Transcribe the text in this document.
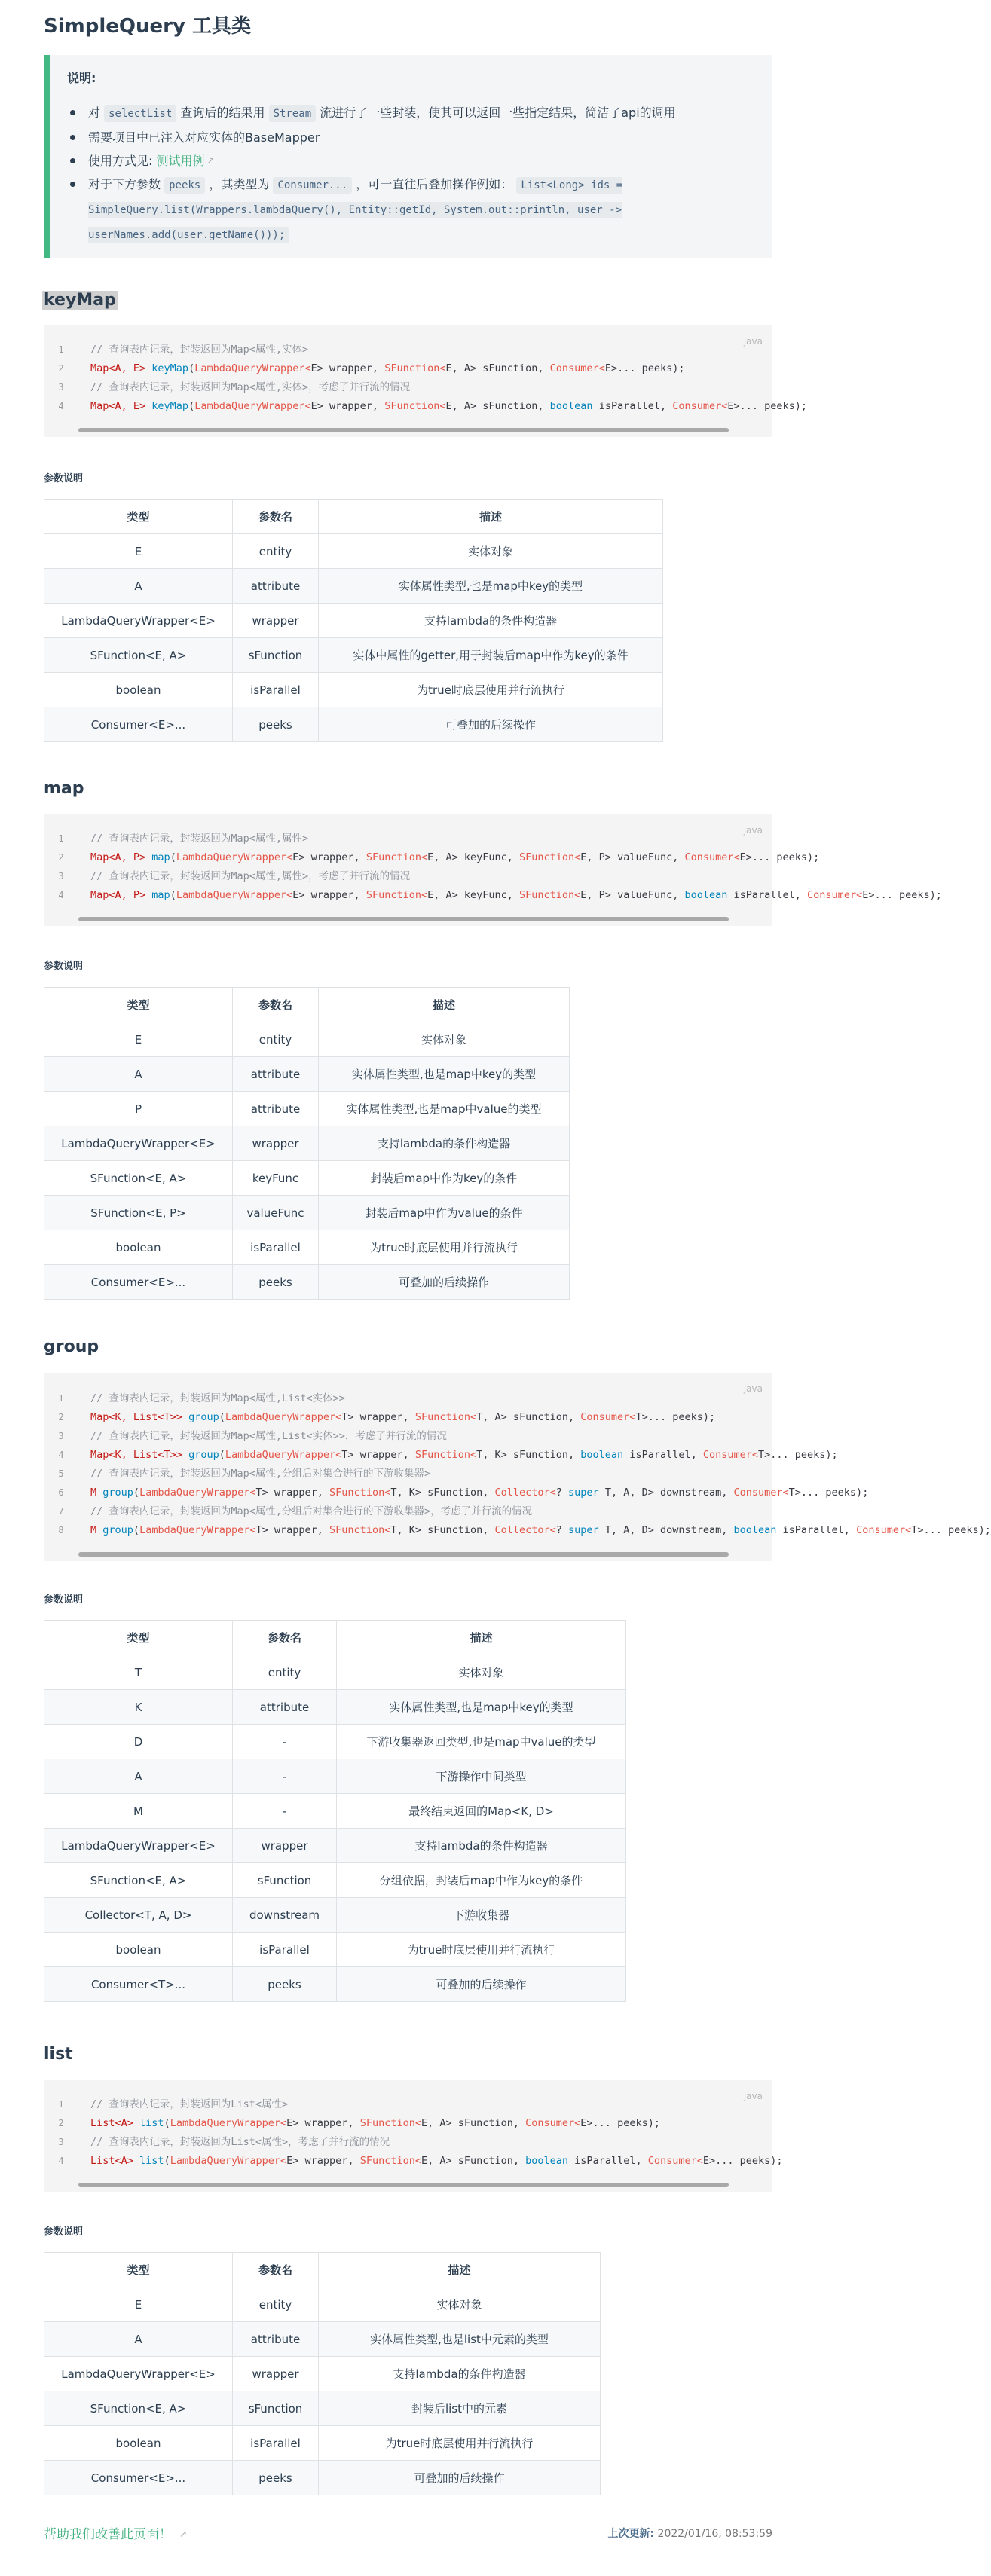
SimpleQuery 工具类
说明:
对 selectList 查询后的结果用 Stream 流进行了一些封装，使其可以返回一些指定结果，简洁了api的调用
需要项目中已注入对应实体的BaseMapper
使用方式见: 测试用例 ↗
对于下方参数 peeks ，其类型为 Consumer... ，可一直往后叠加操作例如： List<Long> ids = SimpleQuery.list(Wrappers.lambdaQuery(), Entity::getId, System.out::println, user -> userNames.add(user.getName()));
keyMap
java
1	// 查询表内记录，封装返回为Map<属性,实体>
2	Map<A, E> keyMap(LambdaQueryWrapper<E> wrapper, SFunction<E, A> sFunction, Consumer<E>... peeks);
3	// 查询表内记录，封装返回为Map<属性,实体>，考虑了并行流的情况
4	Map<A, E> keyMap(LambdaQueryWrapper<E> wrapper, SFunction<E, A> sFunction, boolean isParallel, Consumer<E>... peeks);
参数说明
类型	参数名	描述
E	entity	实体对象
A	attribute	实体属性类型,也是map中key的类型
LambdaQueryWrapper<E>	wrapper	支持lambda的条件构造器
SFunction<E, A>	sFunction	实体中属性的getter,用于封装后map中作为key的条件
boolean	isParallel	为true时底层使用并行流执行
Consumer<E>...	peeks	可叠加的后续操作
map
java
1	// 查询表内记录，封装返回为Map<属性,属性>
2	Map<A, P> map(LambdaQueryWrapper<E> wrapper, SFunction<E, A> keyFunc, SFunction<E, P> valueFunc, Consumer<E>... peeks);
3	// 查询表内记录，封装返回为Map<属性,属性>，考虑了并行流的情况
4	Map<A, P> map(LambdaQueryWrapper<E> wrapper, SFunction<E, A> keyFunc, SFunction<E, P> valueFunc, boolean isParallel, Consumer<E>... peeks);
参数说明
类型	参数名	描述
E	entity	实体对象
A	attribute	实体属性类型,也是map中key的类型
P	attribute	实体属性类型,也是map中value的类型
LambdaQueryWrapper<E>	wrapper	支持lambda的条件构造器
SFunction<E, A>	keyFunc	封装后map中作为key的条件
SFunction<E, P>	valueFunc	封装后map中作为value的条件
boolean	isParallel	为true时底层使用并行流执行
Consumer<E>...	peeks	可叠加的后续操作
group
java
1	// 查询表内记录，封装返回为Map<属性,List<实体>>
2	Map<K, List<T>> group(LambdaQueryWrapper<T> wrapper, SFunction<T, A> sFunction, Consumer<T>... peeks);
3	// 查询表内记录，封装返回为Map<属性,List<实体>>，考虑了并行流的情况
4	Map<K, List<T>> group(LambdaQueryWrapper<T> wrapper, SFunction<T, K> sFunction, boolean isParallel, Consumer<T>... peeks);
5	// 查询表内记录，封装返回为Map<属性,分组后对集合进行的下游收集器>
6	M group(LambdaQueryWrapper<T> wrapper, SFunction<T, K> sFunction, Collector<? super T, A, D> downstream, Consumer<T>... peeks);
7	// 查询表内记录，封装返回为Map<属性,分组后对集合进行的下游收集器>，考虑了并行流的情况
8	M group(LambdaQueryWrapper<T> wrapper, SFunction<T, K> sFunction, Collector<? super T, A, D> downstream, boolean isParallel, Consumer<T>... peeks);
参数说明
类型	参数名	描述
T	entity	实体对象
K	attribute	实体属性类型,也是map中key的类型
D	-	下游收集器返回类型,也是map中value的类型
A	-	下游操作中间类型
M	-	最终结束返回的Map<K, D>
LambdaQueryWrapper<E>	wrapper	支持lambda的条件构造器
SFunction<E, A>	sFunction	分组依据，封装后map中作为key的条件
Collector<T, A, D>	downstream	下游收集器
boolean	isParallel	为true时底层使用并行流执行
Consumer<T>...	peeks	可叠加的后续操作
list
java
1	// 查询表内记录，封装返回为List<属性>
2	List<A> list(LambdaQueryWrapper<E> wrapper, SFunction<E, A> sFunction, Consumer<E>... peeks);
3	// 查询表内记录，封装返回为List<属性>，考虑了并行流的情况
4	List<A> list(LambdaQueryWrapper<E> wrapper, SFunction<E, A> sFunction, boolean isParallel, Consumer<E>... peeks);
参数说明
类型	参数名	描述
E	entity	实体对象
A	attribute	实体属性类型,也是list中元素的类型
LambdaQueryWrapper<E>	wrapper	支持lambda的条件构造器
SFunction<E, A>	sFunction	封装后list中的元素
boolean	isParallel	为true时底层使用并行流执行
Consumer<E>...	peeks	可叠加的后续操作
帮助我们改善此页面！ ↗	上次更新: 2022/01/16, 08:53:59
